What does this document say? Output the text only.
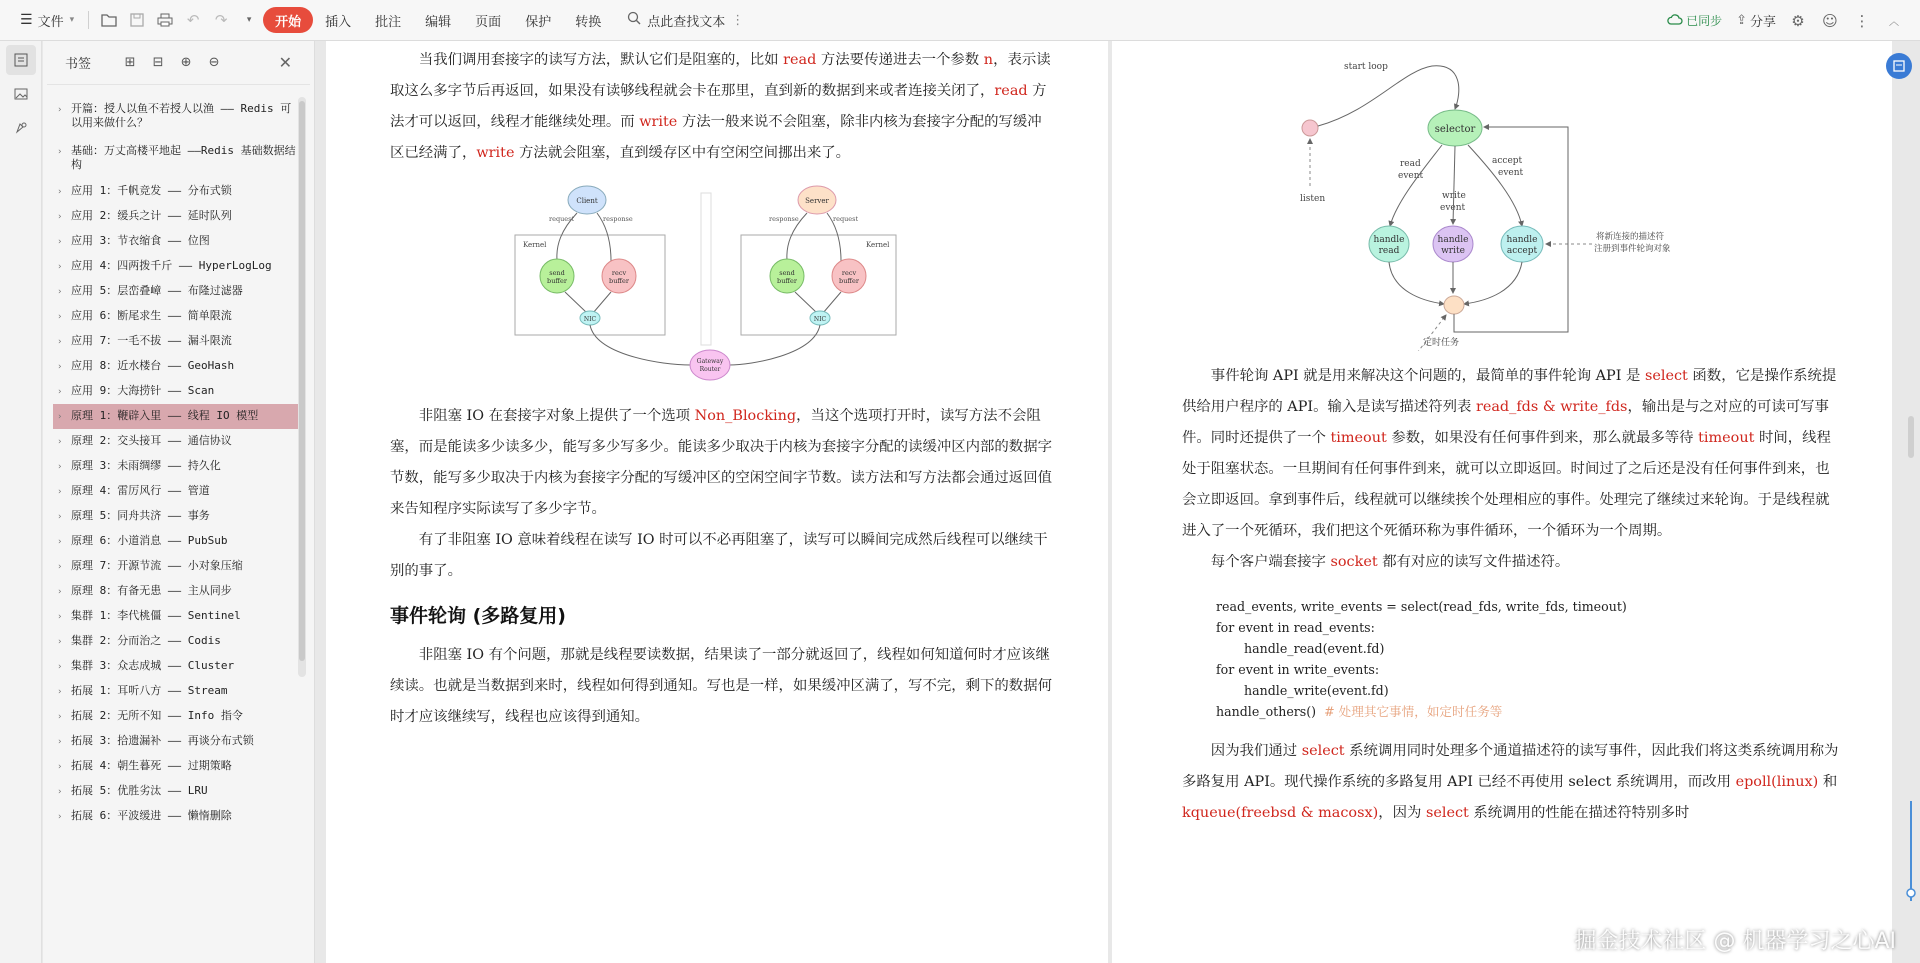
☰ 文件 ▾	↶	↷	▾	开始	插入	批注	编辑	页面	保护	转换	点此查找文本 ⋮	已同步 ⇪ 分享	⚙	☺	⋮	︿
书签	⊞	⊟	⊕	⊖	✕
› 开篇：授人以鱼不若授人以渔 —— Redis 可以用来做什么？
› 基础：万丈高楼平地起 ——Redis 基础数据结构
› 应用 1：千帆竞发 —— 分布式锁
› 应用 2：缓兵之计 —— 延时队列
› 应用 3：节衣缩食 —— 位图
› 应用 4：四两拨千斤 —— HyperLogLog
› 应用 5：层峦叠嶂 —— 布隆过滤器
› 应用 6：断尾求生 —— 简单限流
› 应用 7：一毛不拔 —— 漏斗限流
› 应用 8：近水楼台 —— GeoHash
› 应用 9：大海捞针 —— Scan
› 原理 1：鞭辟入里 —— 线程 IO 模型
› 原理 2：交头接耳 —— 通信协议
› 原理 3：未雨绸缪 —— 持久化
› 原理 4：雷厉风行 —— 管道
› 原理 5：同舟共济 —— 事务
› 原理 6：小道消息 —— PubSub
› 原理 7：开源节流 —— 小对象压缩
› 原理 8：有备无患 —— 主从同步
› 集群 1：李代桃僵 —— Sentinel
› 集群 2：分而治之 —— Codis
› 集群 3：众志成城 —— Cluster
› 拓展 1：耳听八方 —— Stream
› 拓展 2：无所不知 —— Info 指令
› 拓展 3：拾遗漏补 —— 再谈分布式锁
› 拓展 4：朝生暮死 —— 过期策略
› 拓展 5：优胜劣汰 —— LRU
› 拓展 6：平波缓进 —— 懒惰删除

当我们调用套接字的读写方法，默认它们是阻塞的，比如 read 方法要传递进去一个参数 n，表示读取这么多字节后再返回，如果没有读够线程就会卡在那里，直到新的数据到来或者连接关闭了，read 方法才可以返回，线程才能继续处理。而 write 方法一般来说不会阻塞，除非内核为套接字分配的写缓冲区已经满了，write 方法就会阻塞，直到缓存区中有空闲空间挪出来了。

Kernel	Kernel
Client	Server
request	response	response	request
send
buffer
recv
buffer
send
buffer
recv
buffer
NIC	NIC
Gateway
Router

非阻塞 IO 在套接字对象上提供了一个选项 Non_Blocking，当这个选项打开时，读写方法不会阻塞，而是能读多少读多少，能写多少写多少。能读多少取决于内核为套接字分配的读缓冲区内部的数据字节数，能写多少取决于内核为套接字分配的写缓冲区的空闲空间字节数。读方法和写方法都会通过返回值来告知程序实际读写了多少字节。

有了非阻塞 IO 意味着线程在读写 IO 时可以不必再阻塞了，读写可以瞬间完成然后线程可以继续干别的事了。

事件轮询 (多路复用)

非阻塞 IO 有个问题，那就是线程要读数据，结果读了一部分就返回了，线程如何知道何时才应该继续读。也就是当数据到来时，线程如何得到通知。写也是一样，如果缓冲区满了，写不完，剩下的数据何时才应该继续写，线程也应该得到通知。

start loop
listen
selector
read
event
write
event
accept
event
handle
read
handle
write
handle
accept
将新连接的描述符
注册到事件轮询对象
定时任务

事件轮询 API 就是用来解决这个问题的，最简单的事件轮询 API 是 select 函数，它是操作系统提供给用户程序的 API。输入是读写描述符列表 read_fds & write_fds，输出是与之对应的可读可写事件。同时还提供了一个 timeout 参数，如果没有任何事件到来，那么就最多等待 timeout 时间，线程处于阻塞状态。一旦期间有任何事件到来，就可以立即返回。时间过了之后还是没有任何事件到来，也会立即返回。拿到事件后，线程就可以继续挨个处理相应的事件。处理完了继续过来轮询。于是线程就进入了一个死循环，我们把这个死循环称为事件循环，一个循环为一个周期。

每个客户端套接字 socket 都有对应的读写文件描述符。

read_events, write_events = select(read_fds, write_fds, timeout)
for event in read_events:
handle_read(event.fd)
for event in write_events:
handle_write(event.fd)
handle_others() # 处理其它事情，如定时任务等

因为我们通过 select 系统调用同时处理多个通道描述符的读写事件，因此我们将这类系统调用称为多路复用 API。现代操作系统的多路复用 API 已经不再使用 select 系统调用，而改用 epoll(linux) 和 kqueue(freebsd & macosx)，因为 select 系统调用的性能在描述符特别多时

掘金技术社区 @ 机器学习之心AI
